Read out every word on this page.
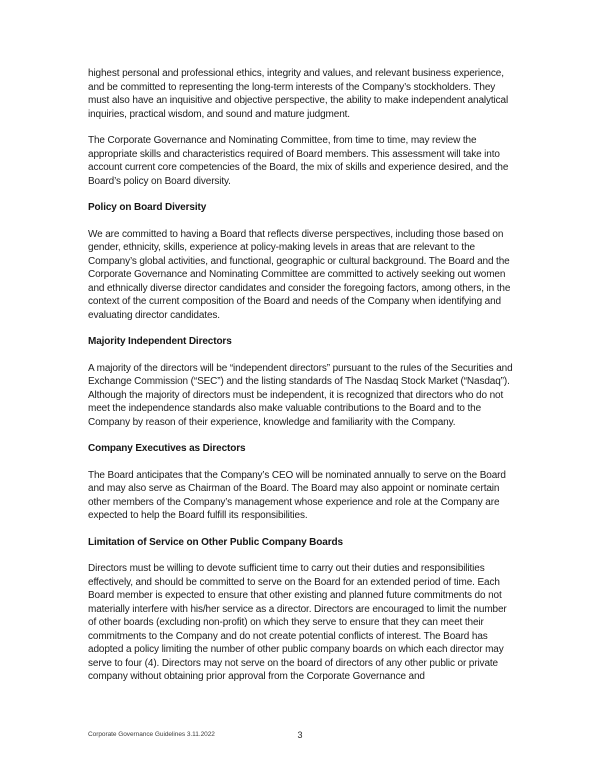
highest personal and professional ethics, integrity and values, and relevant business experience, and be committed to representing the long-term interests of the Company’s stockholders. They must also have an inquisitive and objective perspective, the ability to make independent analytical inquiries, practical wisdom, and sound and mature judgment.

The Corporate Governance and Nominating Committee, from time to time, may review the appropriate skills and characteristics required of Board members. This assessment will take into account current core competencies of the Board, the mix of skills and experience desired, and the Board’s policy on Board diversity.

Policy on Board Diversity

We are committed to having a Board that reflects diverse perspectives, including those based on gender, ethnicity, skills, experience at policy-making levels in areas that are relevant to the Company’s global activities, and functional, geographic or cultural background. The Board and the Corporate Governance and Nominating Committee are committed to actively seeking out women and ethnically diverse director candidates and consider the foregoing factors, among others, in the context of the current composition of the Board and needs of the Company when identifying and evaluating director candidates.

Majority Independent Directors

A majority of the directors will be “independent directors” pursuant to the rules of the Securities and Exchange Commission (“SEC”) and the listing standards of The Nasdaq Stock Market (“Nasdaq”). Although the majority of directors must be independent, it is recognized that directors who do not meet the independence standards also make valuable contributions to the Board and to the Company by reason of their experience, knowledge and familiarity with the Company.

Company Executives as Directors

The Board anticipates that the Company’s CEO will be nominated annually to serve on the Board and may also serve as Chairman of the Board. The Board may also appoint or nominate certain other members of the Company’s management whose experience and role at the Company are expected to help the Board fulfill its responsibilities.

Limitation of Service on Other Public Company Boards

Directors must be willing to devote sufficient time to carry out their duties and responsibilities effectively, and should be committed to serve on the Board for an extended period of time. Each Board member is expected to ensure that other existing and planned future commitments do not materially interfere with his/her service as a director. Directors are encouraged to limit the number of other boards (excluding non-profit) on which they serve to ensure that they can meet their commitments to the Company and do not create potential conflicts of interest. The Board has adopted a policy limiting the number of other public company boards on which each director may serve to four (4). Directors may not serve on the board of directors of any other public or private company without obtaining prior approval from the Corporate Governance and

Corporate Governance Guidelines 3.11.2022	3
